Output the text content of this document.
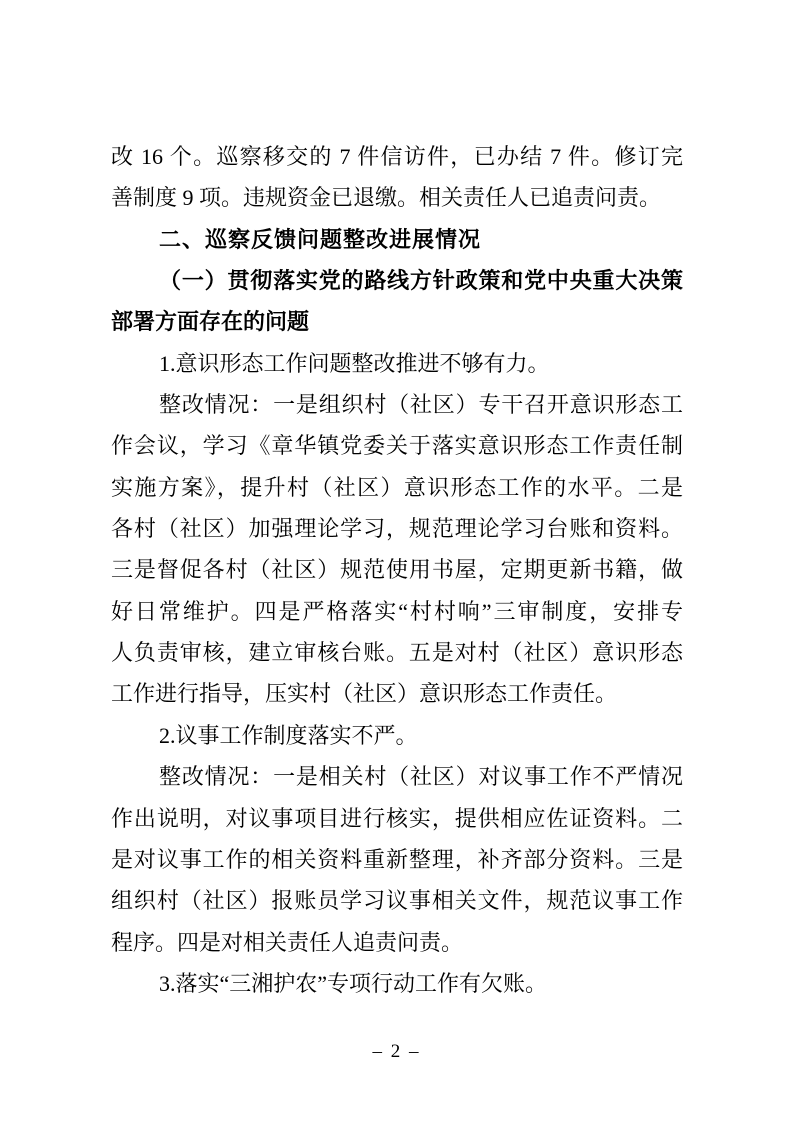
改 16 个。巡察移交的 7 件信访件，已办结 7 件。修订完
善制度 9 项。违规资金已退缴。相关责任人已追责问责。
二、巡察反馈问题整改进展情况
（一）贯彻落实党的路线方针政策和党中央重大决策
部署方面存在的问题
1.意识形态工作问题整改推进不够有力。
整改情况：一是组织村（社区）专干召开意识形态工
作会议，学习《章华镇党委关于落实意识形态工作责任制
实施方案》，提升村（社区）意识形态工作的水平。二是
各村（社区）加强理论学习，规范理论学习台账和资料。
三是督促各村（社区）规范使用书屋，定期更新书籍，做
好日常维护。四是严格落实“村村响”三审制度，安排专
人负责审核，建立审核台账。五是对村（社区）意识形态
工作进行指导，压实村（社区）意识形态工作责任。
2.议事工作制度落实不严。
整改情况：一是相关村（社区）对议事工作不严情况
作出说明，对议事项目进行核实，提供相应佐证资料。二
是对议事工作的相关资料重新整理，补齐部分资料。三是
组织村（社区）报账员学习议事相关文件，规范议事工作
程序。四是对相关责任人追责问责。
3.落实“三湘护农”专项行动工作有欠账。
– 2 –
